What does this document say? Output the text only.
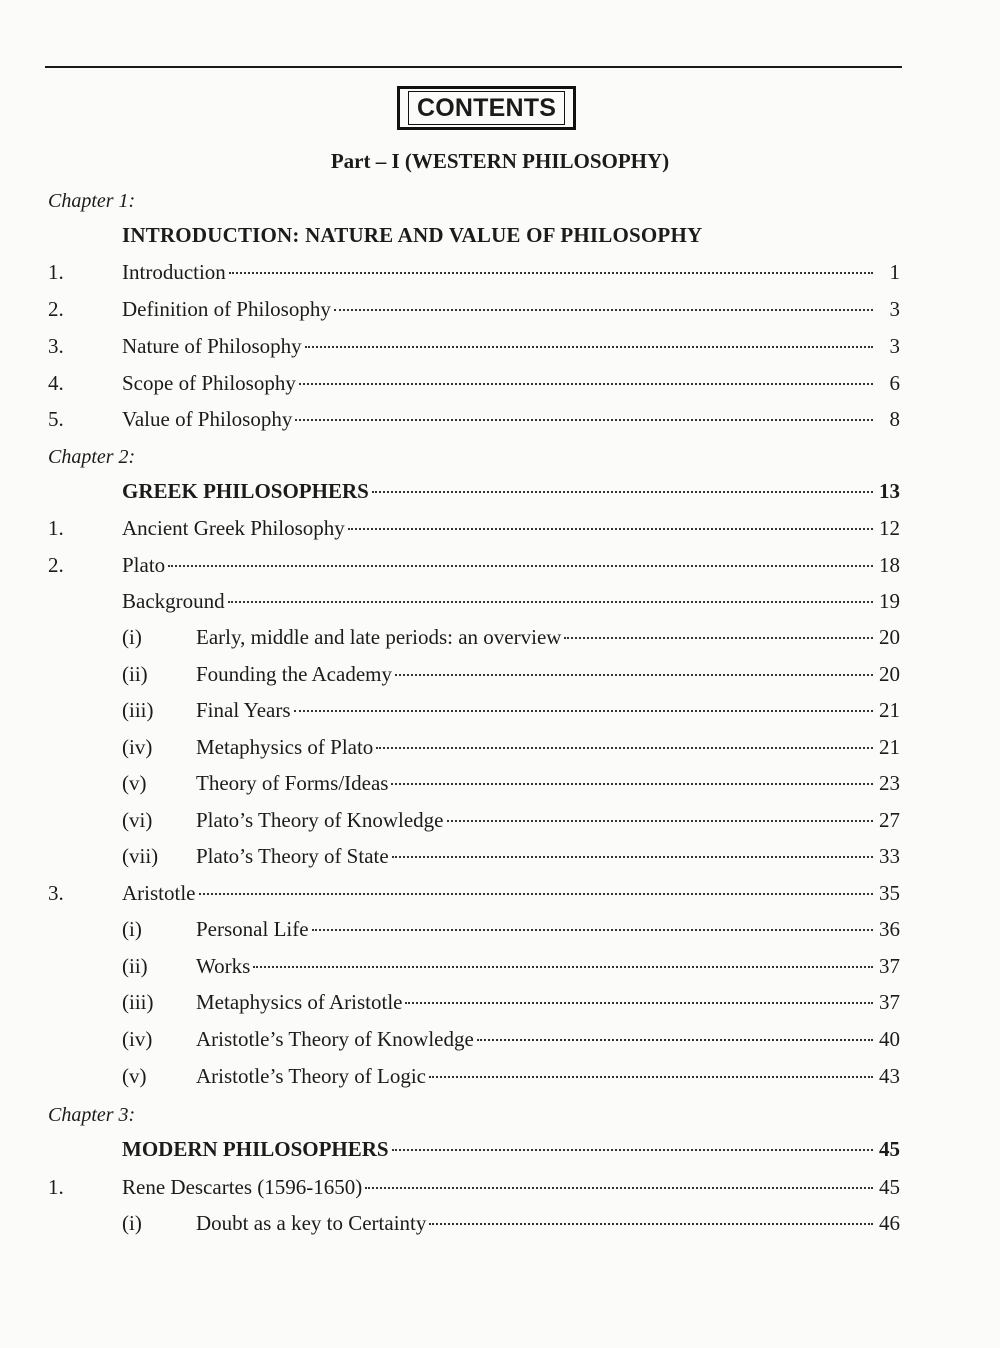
CONTENTS
Part – I (WESTERN PHILOSOPHY)
Chapter 1:
INTRODUCTION: NATURE AND VALUE OF PHILOSOPHY
1.	Introduction	1
2.	Definition of Philosophy	3
3.	Nature of Philosophy	3
4.	Scope of Philosophy	6
5.	Value of Philosophy	8
Chapter 2:
GREEK PHILOSOPHERS	13
1.	Ancient Greek Philosophy	12
2.	Plato	18
Background	19
(i)	Early, middle and late periods: an overview	20
(ii)	Founding the Academy	20
(iii)	Final Years	21
(iv)	Metaphysics of Plato	21
(v)	Theory of Forms/Ideas	23
(vi)	Plato’s Theory of Knowledge	27
(vii)	Plato’s Theory of State	33
3.	Aristotle	35
(i)	Personal Life	36
(ii)	Works	37
(iii)	Metaphysics of Aristotle	37
(iv)	Aristotle’s Theory of Knowledge	40
(v)	Aristotle’s Theory of Logic	43
Chapter 3:
MODERN PHILOSOPHERS	45
1.	Rene Descartes (1596-1650)	45
(i)	Doubt as a key to Certainty	46
